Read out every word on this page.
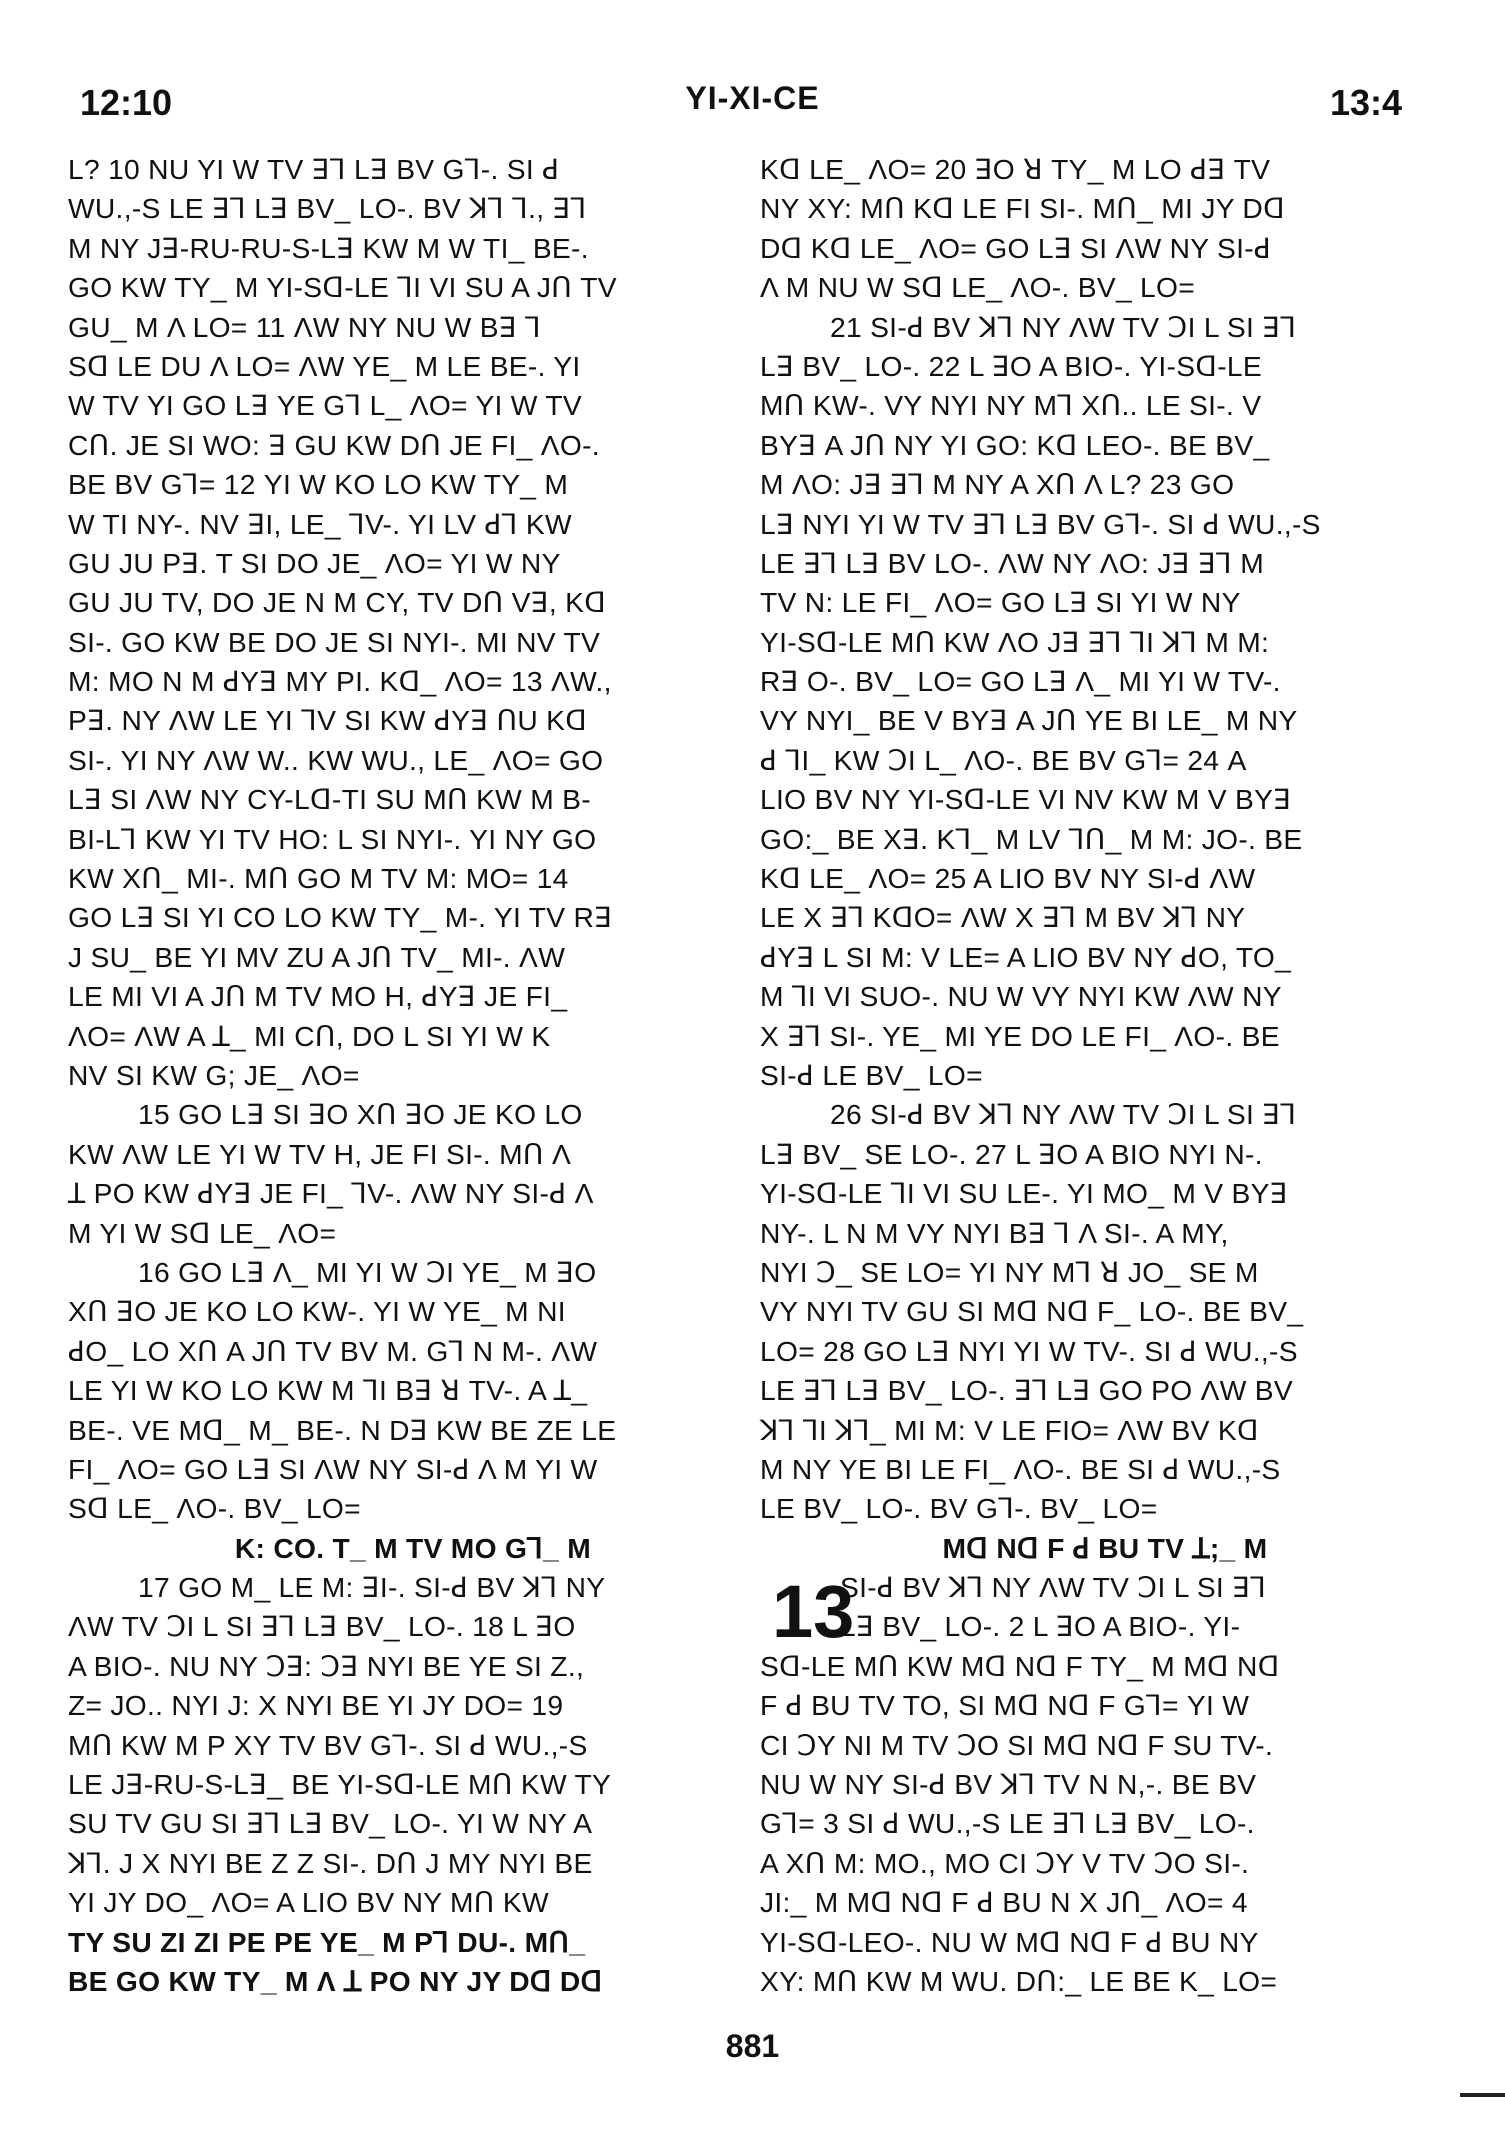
12:10	YI-XI-CE	13:4
L? 10 NU YI W TV ꓱꓶ Lꓱ BV Gꓶ-. SI ꓒ
WU.,-S LE ꓱꓶ Lꓱ BV_ LO-. BV ꓘꓶ ꓶ., ꓱꓶ
M NY Jꓱ-RU-RU-S-Lꓱ KW M W TI_ BE-.
GO KW TY_ M YI-Sꓷ-LE ꓶI VI SU A Jꓵ TV
GU_ M Λ LO= 11 ΛW NY NU W Bꓱ ꓶ
Sꓷ LE DU Λ LO= ΛW YE_ M LE BE-. YI
W TV YI GO Lꓱ YE Gꓶ L_ ΛO= YI W TV
Cꓵ. JE SI WO: ꓱ GU KW Dꓵ JE FI_ ΛO-.
BE BV Gꓶ= 12 YI W KO LO KW TY_ M
W TI NY-. NV ꓱI, LE_ ꓶV-. YI LV ꓒꓶ KW
GU JU Pꓱ. T SI DO JE_ ΛO= YI W NY
GU JU TV, DO JE N M CY, TV Dꓵ Vꓱ, Kꓷ
SI-. GO KW BE DO JE SI NYI-. MI NV TV
M: MO N M ꓒYꓱ MY PI. Kꓷ_ ΛO= 13 ΛW.,
Pꓱ. NY ΛW LE YI ꓶV SI KW ꓒYꓱ ꓵU Kꓷ
SI-. YI NY ΛW W.. KW WU., LE_ ΛO= GO
Lꓱ SI ΛW NY CY-Lꓷ-TI SU Mꓵ KW M B-
BI-Lꓶ KW YI TV HO: L SI NYI-. YI NY GO
KW Xꓵ_ MI-. Mꓵ GO M TV M: MO= 14
GO Lꓱ SI YI CO LO KW TY_ M-. YI TV Rꓱ
J SU_ BE YI MV ZU A Jꓵ TV_ MI-. ΛW
LE MI VI A Jꓵ M TV MO H, ꓒYꓱ JE FI_
ΛO= ΛW A ꓕ_ MI Cꓵ, DO L SI YI W K
NV SI KW G; JE_ ΛO=
15 GO Lꓱ SI ꓱO Xꓵ ꓱO JE KO LO
KW ΛW LE YI W TV H, JE FI SI-. Mꓵ Λ
ꓕ PO KW ꓒYꓱ JE FI_ ꓶV-. ΛW NY SI-ꓒ Λ
M YI W Sꓷ LE_ ΛO=
16 GO Lꓱ Λ_ MI YI W ꓛI YE_ M ꓱO
Xꓵ ꓱO JE KO LO KW-. YI W YE_ M NI
ꓒO_ LO Xꓵ A Jꓵ TV BV M. Gꓶ N M-. ΛW
LE YI W KO LO KW M ꓶI Bꓱ ꓤ TV-. A ꓕ_
BE-. VE Mꓷ_ M_ BE-. N Dꓱ KW BE ZE LE
FI_ ΛO= GO Lꓱ SI ΛW NY SI-ꓒ Λ M YI W
Sꓷ LE_ ΛO-. BV_ LO=
K: CO. T_ M TV MO Gꓶ_ M
17 GO M_ LE M: ꓱI-. SI-ꓒ BV ꓘꓶ NY
ΛW TV ꓛI L SI ꓱꓶ Lꓱ BV_ LO-. 18 L ꓱO
A BIO-. NU NY ꓛꓱ: ꓛꓱ NYI BE YE SI Z.,
Z= JO.. NYI J: X NYI BE YI JY DO= 19
Mꓵ KW M P XY TV BV Gꓶ-. SI ꓒ WU.,-S
LE Jꓱ-RU-S-Lꓱ_ BE YI-Sꓷ-LE Mꓵ KW TY
SU TV GU SI ꓱꓶ Lꓱ BV_ LO-. YI W NY A
ꓘꓶ. J X NYI BE Z Z SI-. Dꓵ J MY NYI BE
YI JY DO_ ΛO= A LIO BV NY Mꓵ KW
TY SU ZI ZI PE PE YE_ M Pꓶ DU-. Mꓵ_
BE GO KW TY_ M Λ ꓕ PO NY JY Dꓷ Dꓷ
Kꓷ LE_ ΛO= 20 ꓱO ꓤ TY_ M LO ꓒꓱ TV
NY XY: Mꓵ Kꓷ LE FI SI-. Mꓵ_ MI JY Dꓷ
Dꓷ Kꓷ LE_ ΛO= GO Lꓱ SI ΛW NY SI-ꓒ
Λ M NU W Sꓷ LE_ ΛO-. BV_ LO=
21 SI-ꓒ BV ꓘꓶ NY ΛW TV ꓛI L SI ꓱꓶ
Lꓱ BV_ LO-. 22 L ꓱO A BIO-. YI-Sꓷ-LE
Mꓵ KW-. VY NYI NY Mꓶ Xꓵ.. LE SI-. V
BYꓱ A Jꓵ NY YI GO: Kꓷ LEO-. BE BV_
M ΛO: Jꓱ ꓱꓶ M NY A Xꓵ Λ L? 23 GO
Lꓱ NYI YI W TV ꓱꓶ Lꓱ BV Gꓶ-. SI ꓒ WU.,-S
LE ꓱꓶ Lꓱ BV LO-. ΛW NY ΛO: Jꓱ ꓱꓶ M
TV N: LE FI_ ΛO= GO Lꓱ SI YI W NY
YI-Sꓷ-LE Mꓵ KW ΛO Jꓱ ꓱꓶ ꓶI ꓘꓶ M M:
Rꓱ O-. BV_ LO= GO Lꓱ Λ_ MI YI W TV-.
VY NYI_ BE V BYꓱ A Jꓵ YE BI LE_ M NY
ꓒ ꓶI_ KW ꓛI L_ ΛO-. BE BV Gꓶ= 24 A
LIO BV NY YI-Sꓷ-LE VI NV KW M V BYꓱ
GO:_ BE Xꓱ. Kꓶ_ M LV ꓶꓵ_ M M: JO-. BE
Kꓷ LE_ ΛO= 25 A LIO BV NY SI-ꓒ ΛW
LE X ꓱꓶ KꓷO= ΛW X ꓱꓶ M BV ꓘꓶ NY
ꓒYꓱ L SI M: V LE= A LIO BV NY ꓒO, TO_
M ꓶI VI SUO-. NU W VY NYI KW ΛW NY
X ꓱꓶ SI-. YE_ MI YE DO LE FI_ ΛO-. BE
SI-ꓒ LE BV_ LO=
26 SI-ꓒ BV ꓘꓶ NY ΛW TV ꓛI L SI ꓱꓶ
Lꓱ BV_ SE LO-. 27 L ꓱO A BIO NYI N-.
YI-Sꓷ-LE ꓶI VI SU LE-. YI MO_ M V BYꓱ
NY-. L N M VY NYI Bꓱ ꓶ Λ SI-. A MY,
NYI ꓛ_ SE LO= YI NY Mꓶ ꓤ JO_ SE M
VY NYI TV GU SI Mꓷ Nꓷ F_ LO-. BE BV_
LO= 28 GO Lꓱ NYI YI W TV-. SI ꓒ WU.,-S
LE ꓱꓶ Lꓱ BV_ LO-. ꓱꓶ Lꓱ GO PO ΛW BV
ꓘꓶ ꓶI ꓘꓶ_ MI M: V LE FIO= ΛW BV Kꓷ
M NY YE BI LE FI_ ΛO-. BE SI ꓒ WU.,-S
LE BV_ LO-. BV Gꓶ-. BV_ LO=
Mꓷ Nꓷ F ꓒ BU TV ꓕ;_ M
SI-ꓒ BV ꓘꓶ NY ΛW TV ꓛI L SI ꓱꓶ
Lꓱ BV_ LO-. 2 L ꓱO A BIO-. YI-
Sꓷ-LE Mꓵ KW Mꓷ Nꓷ F TY_ M Mꓷ Nꓷ
F ꓒ BU TV TO, SI Mꓷ Nꓷ F Gꓶ= YI W
CI ꓛY NI M TV ꓛO SI Mꓷ Nꓷ F SU TV-.
NU W NY SI-ꓒ BV ꓘꓶ TV N N,-. BE BV
Gꓶ= 3 SI ꓒ WU.,-S LE ꓱꓶ Lꓱ BV_ LO-.
A Xꓵ M: MO., MO CI ꓛY V TV ꓛO SI-.
JI:_ M Mꓷ Nꓷ F ꓒ BU N X Jꓵ_ ΛO= 4
YI-Sꓷ-LEO-. NU W Mꓷ Nꓷ F ꓒ BU NY
XY: Mꓵ KW M WU. Dꓵ:_ LE BE K_ LO=
13
881
